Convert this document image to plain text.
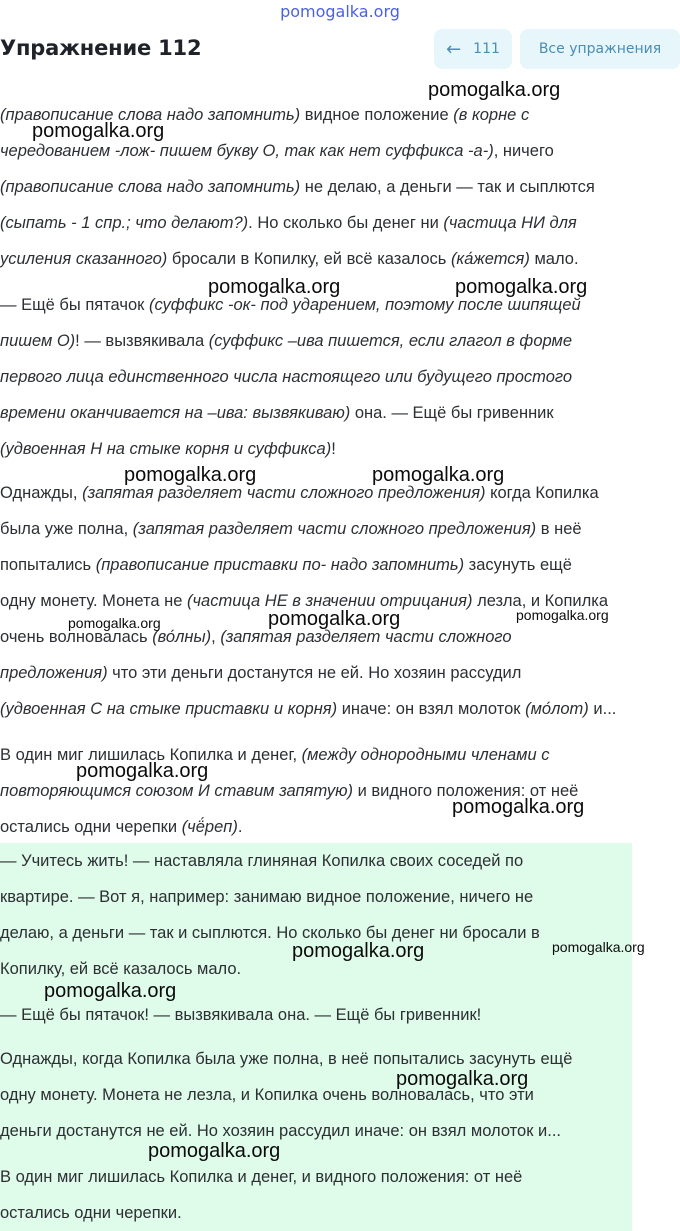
(правописание слова надо запомнить) видное положение (в корне с
чередованием -лож- пишем букву О, так как нет суффикса -а-), ничего
(правописание слова надо запомнить) не делаю, а деньги — так и сыплются
(сыпать - 1 спр.; что делают?). Но сколько бы денег ни (частица НИ для
усиления сказанного) бросали в Копилку, ей всё казалось (ка́жется) мало.
— Ещё бы пятачок (суффикс -ок- под ударением, поэтому после шипящей
пишем О)! — вызвякивала (суффикс –ива пишется, если глагол в форме
первого лица единственного числа настоящего или будущего простого
времени оканчивается на –ива: вызвякиваю) она. — Ещё бы гривенник
(удвоенная Н на стыке корня и суффикса)!
Однажды, (запятая разделяет части сложного предложения) когда Копилка
была уже полна, (запятая разделяет части сложного предложения) в неё
попытались (правописание приставки по- надо запомнить) засунуть ещё
одну монету. Монета не (частица НЕ в значении отрицания) лезла, и Копилка
очень волновалась (во́лны), (запятая разделяет части сложного
предложения) что эти деньги достанутся не ей. Но хозяин рассудил
(удвоенная С на стыке приставки и корня) иначе: он взял молоток (мо́лот) и...
В один миг лишилась Копилка и денег, (между однородными членами с
повторяющимся союзом И ставим запятую) и видного положения: от неё
остались одни черепки (чё́реп).
— Учитесь жить! — наставляла глиняная Копилка своих соседей по
квартире. — Вот я, например: занимаю видное положение, ничего не
делаю, а деньги — так и сыплются. Но сколько бы денег ни бросали в
Копилку, ей всё казалось мало.
— Ещё бы пятачок! — вызвякивала она. — Ещё бы гривенник!
Однажды, когда Копилка была уже полна, в неё попытались засунуть ещё
одну монету. Монета не лезла, и Копилка очень волновалась, что эти
деньги достанутся не ей. Но хозяин рассудил иначе: он взял молоток и...
В один миг лишилась Копилка и денег, и видного положения: от неё
остались одни черепки.
pomogalka.org
Упражнение 112	← 111	Все упражнения
pomogalka.org
pomogalka.org
pomogalka.org	pomogalka.org
pomogalka.org	pomogalka.org
pomogalka.org	pomogalka.org
pomogalka.org
pomogalka.org
pomogalka.org
pomogalka.org	pomogalka.org
pomogalka.org
pomogalka.org
pomogalka.org
